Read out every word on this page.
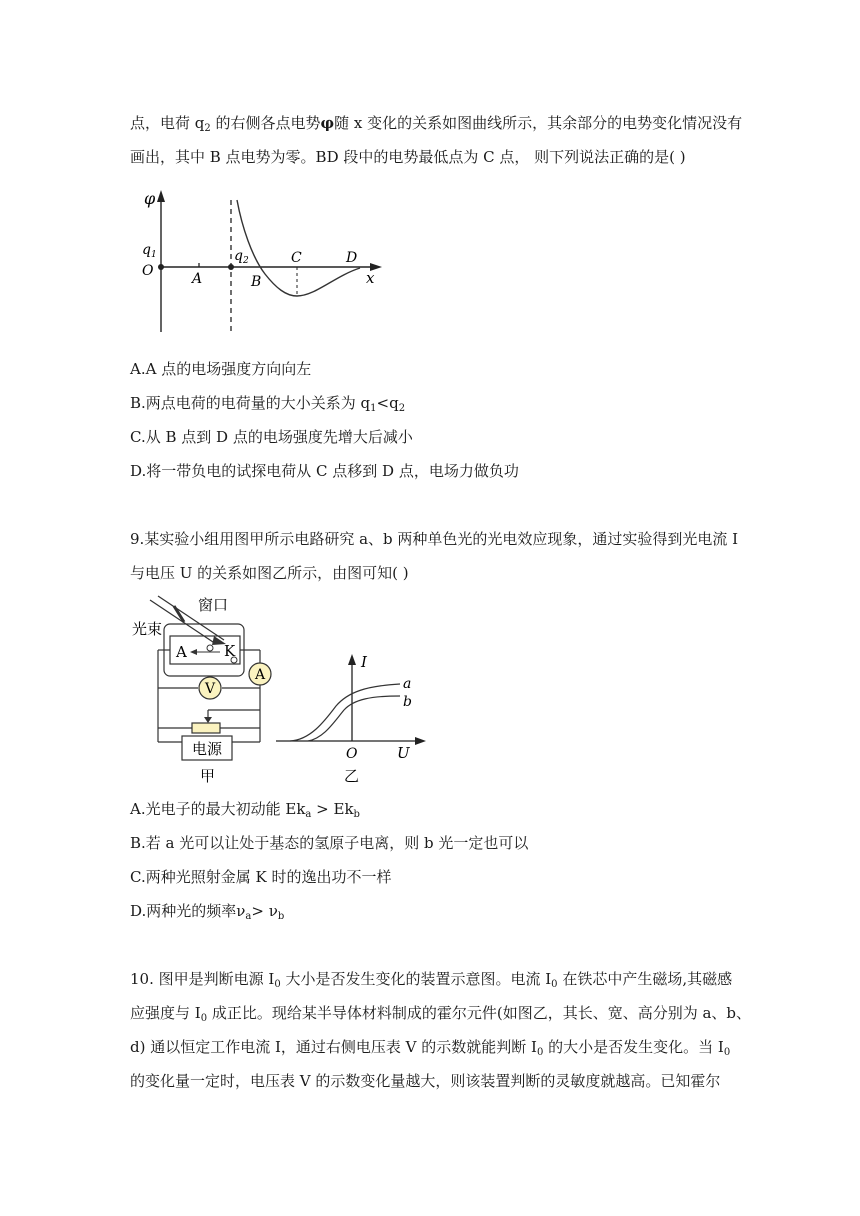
点，电荷 $q_2$ 的右侧各点电势φ随 x 变化的关系如图曲线所示，其余部分的电势变化情况没有
画出，其中 B 点电势为零。BD 段中的电势最低点为 C 点， 则下列说法正确的是( )
φ
$q_1$
O	A
$q_2$
B
C	D
x
A.A 点的电场强度方向向左
B.两点电荷的电荷量的大小关系为 $q_1<q_2$
C.从 B 点到 D 点的电场强度先增大后减小
D.将一带负电的试探电荷从 C 点移到 D 点，电场力做负功
9.某实验小组用图甲所示电路研究 a、b 两种单色光的光电效应现象，通过实验得到光电流 I
与电压 U 的关系如图乙所示，由图可知( )
窗口
光束
A K
A
V
电源
甲
I
a
b
O	U
乙
A.光电子的最大初动能 $Ek_a > Ek_b$
B.若 a 光可以让处于基态的氢原子电离，则 b 光一定也可以
C.两种光照射金属 K 时的逸出功不一样
D.两种光的频率$\nu_a> \nu_b$
10. 图甲是判断电源 $I_0$ 大小是否发生变化的装置示意图。电流 $I_0$ 在铁芯中产生磁场,其磁感
应强度与 $I_0$ 成正比。现给某半导体材料制成的霍尔元件(如图乙，其长、宽、高分别为 a、b、
d) 通以恒定工作电流 I，通过右侧电压表 V 的示数就能判断 $I_0$ 的大小是否发生变化。当 $I_0$
的变化量一定时，电压表 V 的示数变化量越大，则该装置判断的灵敏度就越高。已知霍尔
